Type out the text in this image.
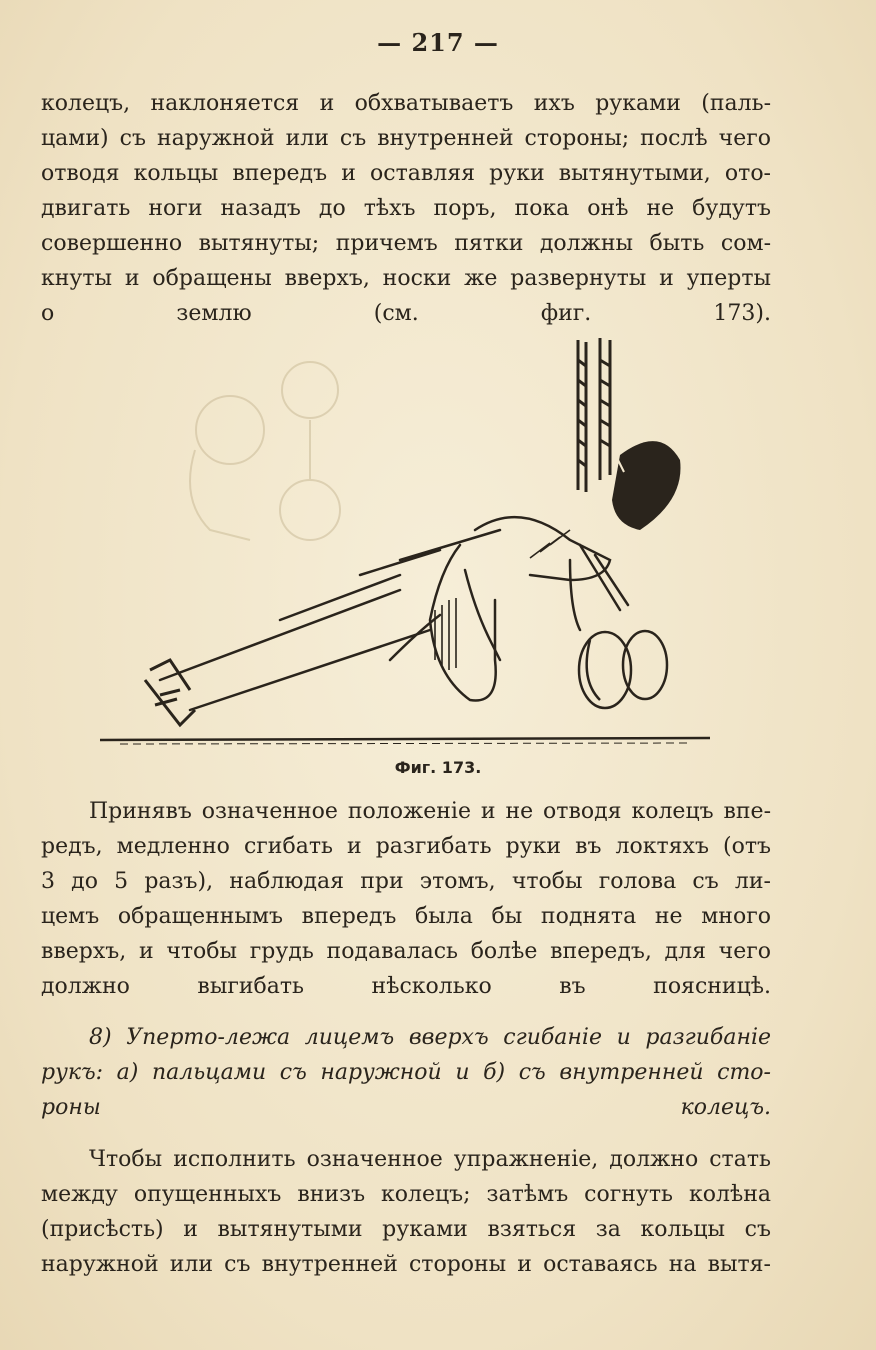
— 217 —
колецъ, наклоняется и обхватываетъ ихъ руками (паль-
цами) съ наружной или съ внутренней стороны; послѣ чего
отводя кольцы впередъ и оставляя руки вытянутыми, ото-
двигать ноги назадъ до тѣхъ поръ, пока онѣ не будутъ
совершенно вытянуты; причемъ пятки должны быть сом-
кнуты и обращены вверхъ, носки же развернуты и уперты
о землю (см. фиг. 173).
Фиг. 173.
Принявъ означенное положеніе и не отводя колецъ впе-
редъ, медленно сгибать и разгибать руки въ локтяхъ (отъ
3 до 5 разъ), наблюдая при этомъ, чтобы голова съ ли-
цемъ обращеннымъ впередъ была бы поднята не много
вверхъ, и чтобы грудь подавалась болѣе впередъ, для чего
должно выгибать нѣсколько въ поясницѣ.
8) Уперто-лежа лицемъ вверхъ сгибаніе и разгибаніе
рукъ: а) пальцами съ наружной и б) съ внутренней сто-
роны колецъ.
Чтобы исполнить означенное упражненіе, должно стать
между опущенныхъ внизъ колецъ; затѣмъ согнуть колѣна
(присѣсть) и вытянутыми руками взяться за кольцы съ
наружной или съ внутренней стороны и оставаясь на вытя-
